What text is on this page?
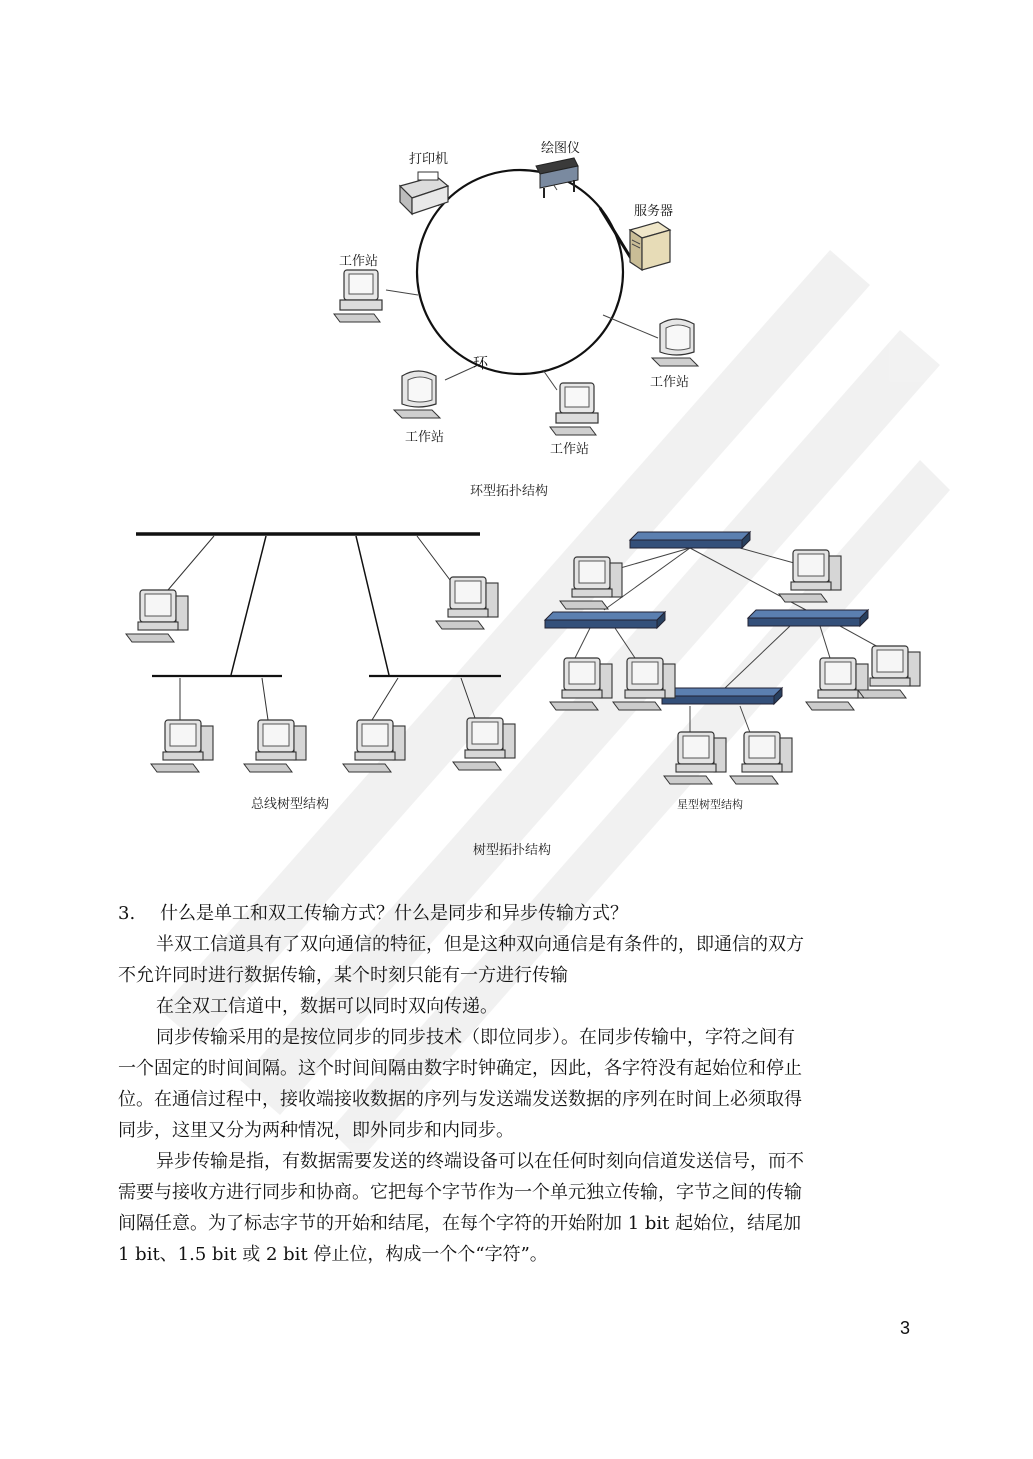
打印机
绘图仪
服务器
工作站
工作站
工作站
工作站
环
环型拓扑结构
总线树型结构	星型树型结构
树型拓扑结构
3. 什么是单工和双工传输方式？什么是同步和异步传输方式？
半双工信道具有了双向通信的特征，但是这种双向通信是有条件的，即通信的双方
不允许同时进行数据传输，某个时刻只能有一方进行传输
在全双工信道中，数据可以同时双向传递。
同步传输采用的是按位同步的同步技术（即位同步）。在同步传输中，字符之间有
一个固定的时间间隔。这个时间间隔由数字时钟确定，因此，各字符没有起始位和停止
位。在通信过程中，接收端接收数据的序列与发送端发送数据的序列在时间上必须取得
同步，这里又分为两种情况，即外同步和内同步。
异步传输是指，有数据需要发送的终端设备可以在任何时刻向信道发送信号，而不
需要与接收方进行同步和协商。它把每个字节作为一个单元独立传输，字节之间的传输
间隔任意。为了标志字节的开始和结尾，在每个字符的开始附加 1 bit 起始位，结尾加
1 bit、1.5 bit 或 2 bit 停止位，构成一个个“字符”。
3
